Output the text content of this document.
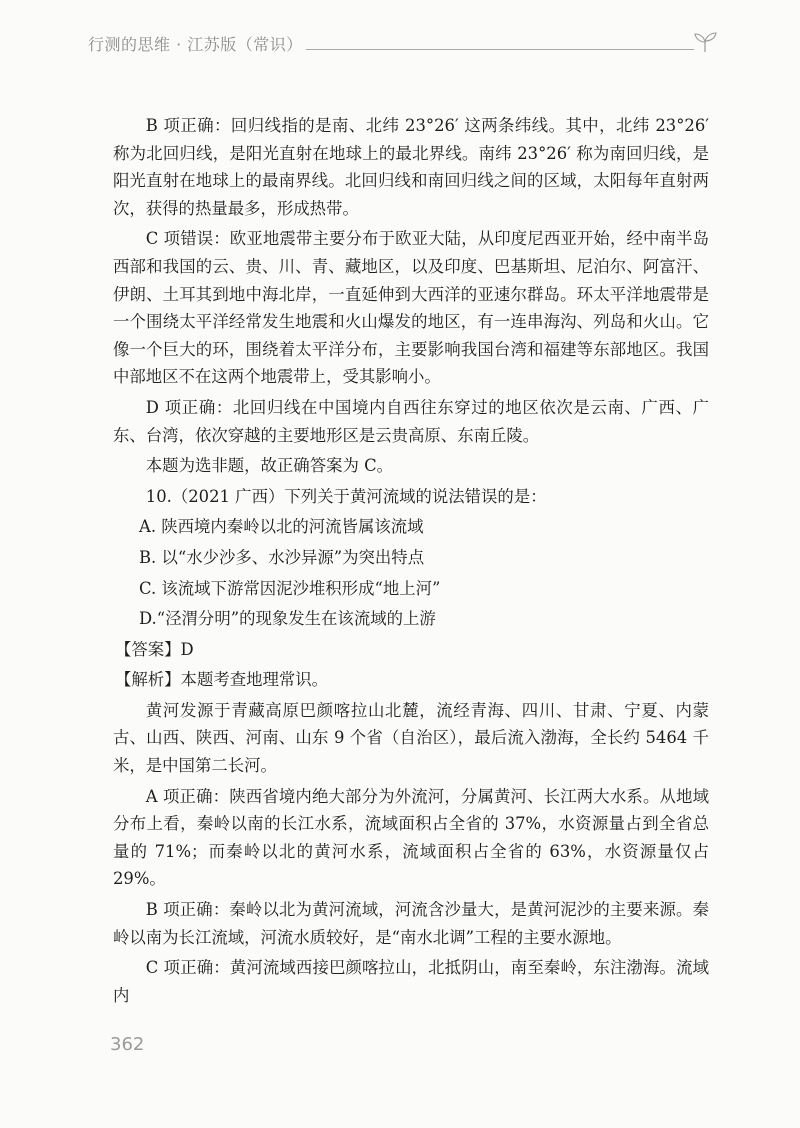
行测的思维 · 江苏版（常识）

B 项正确：回归线指的是南、北纬 23°26′ 这两条纬线。其中，北纬 23°26′ 称为北回归线，是阳光直射在地球上的最北界线。南纬 23°26′ 称为南回归线，是阳光直射在地球上的最南界线。北回归线和南回归线之间的区域，太阳每年直射两次，获得的热量最多，形成热带。

C 项错误：欧亚地震带主要分布于欧亚大陆，从印度尼西亚开始，经中南半岛西部和我国的云、贵、川、青、藏地区，以及印度、巴基斯坦、尼泊尔、阿富汗、伊朗、土耳其到地中海北岸，一直延伸到大西洋的亚速尔群岛。环太平洋地震带是一个围绕太平洋经常发生地震和火山爆发的地区，有一连串海沟、列岛和火山。它像一个巨大的环，围绕着太平洋分布，主要影响我国台湾和福建等东部地区。我国中部地区不在这两个地震带上，受其影响小。

D 项正确：北回归线在中国境内自西往东穿过的地区依次是云南、广西、广东、台湾，依次穿越的主要地形区是云贵高原、东南丘陵。

本题为选非题，故正确答案为 C。

10.（2021 广西）下列关于黄河流域的说法错误的是：

A. 陕西境内秦岭以北的河流皆属该流域

B. 以“水少沙多、水沙异源”为突出特点

C. 该流域下游常因泥沙堆积形成“地上河”

D.“泾渭分明”的现象发生在该流域的上游

【答案】D

【解析】本题考查地理常识。

黄河发源于青藏高原巴颜喀拉山北麓，流经青海、四川、甘肃、宁夏、内蒙古、山西、陕西、河南、山东 9 个省（自治区），最后流入渤海，全长约 5464 千米，是中国第二长河。

A 项正确：陕西省境内绝大部分为外流河，分属黄河、长江两大水系。从地域分布上看，秦岭以南的长江水系，流域面积占全省的 37%，水资源量占到全省总量的 71%；而秦岭以北的黄河水系，流域面积占全省的 63%，水资源量仅占 29%。

B 项正确：秦岭以北为黄河流域，河流含沙量大，是黄河泥沙的主要来源。秦岭以南为长江流域，河流水质较好，是“南水北调”工程的主要水源地。

C 项正确：黄河流域西接巴颜喀拉山，北抵阴山，南至秦岭，东注渤海。流域内

362
